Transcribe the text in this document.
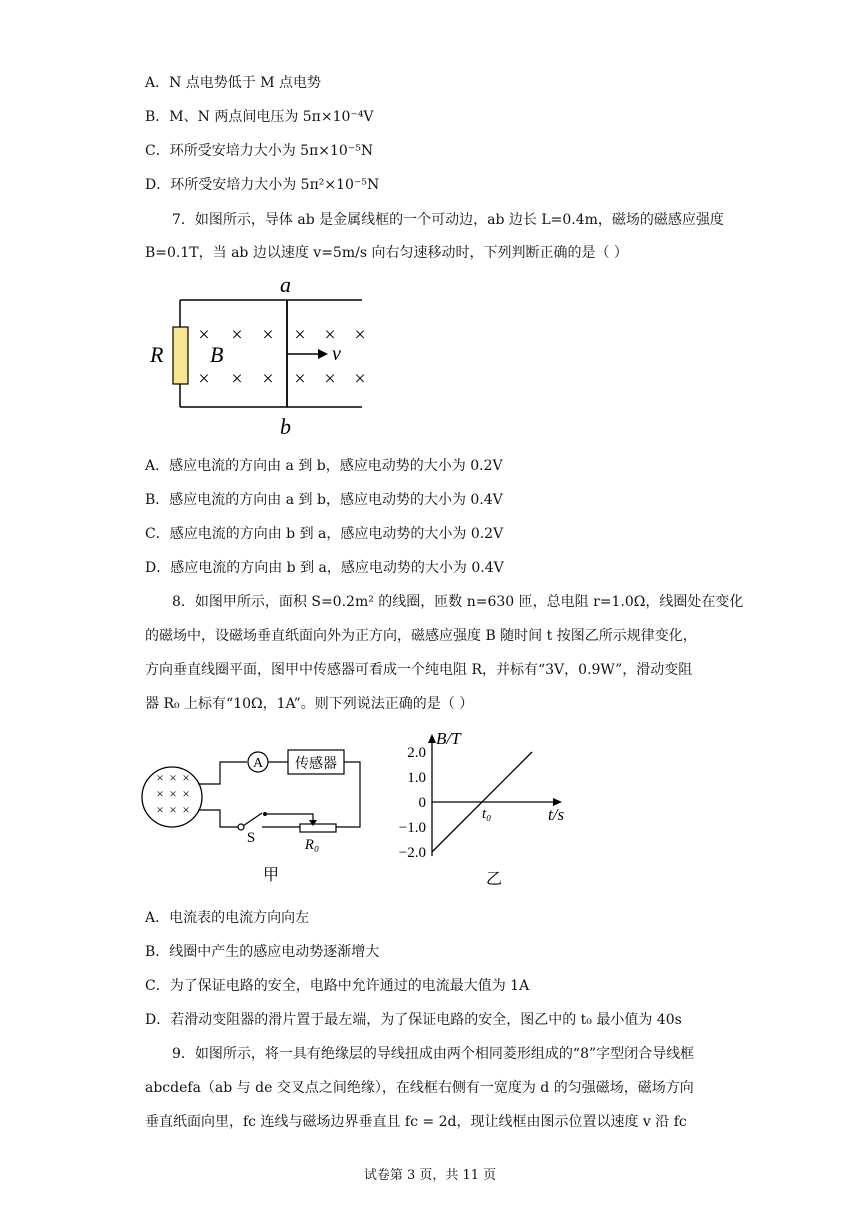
A．N 点电势低于 M 点电势
B．M、N 两点间电压为 5π×10⁻⁴V
C．环所受安培力大小为 5π×10⁻⁵N
D．环所受安培力大小为 5π²×10⁻⁵N
7．如图所示，导体 ab 是金属线框的一个可动边，ab 边长 L=0.4m，磁场的磁感应强度
B=0.1T，当 ab 边以速度 v=5m/s 向右匀速移动时，下列判断正确的是（ ）
× × × × × ×
× × × × × ×
v
a
b
R B
A．感应电流的方向由 a 到 b，感应电动势的大小为 0.2V
B．感应电流的方向由 a 到 b，感应电动势的大小为 0.4V
C．感应电流的方向由 b 到 a，感应电动势的大小为 0.2V
D．感应电流的方向由 b 到 a，感应电动势的大小为 0.4V
8．如图甲所示，面积 S=0.2m² 的线圈，匝数 n=630 匝，总电阻 r=1.0Ω，线圈处在变化
的磁场中，设磁场垂直纸面向外为正方向，磁感应强度 B 随时间 t 按图乙所示规律变化，
方向垂直线圈平面，图甲中传感器可看成一个纯电阻 R，并标有“3V，0.9W”，滑动变阻
器 R₀ 上标有“10Ω，1A”。则下列说法正确的是（ ）
× × ×
× × ×
× × ×
A 传感器
S	R₀
甲
B/T
t/s
t₀
2.0
1.0
0
−1.0
−2.0
乙
A．电流表的电流方向向左
B．线圈中产生的感应电动势逐渐增大
C．为了保证电路的安全，电路中允许通过的电流最大值为 1A
D．若滑动变阻器的滑片置于最左端，为了保证电路的安全，图乙中的 t₀ 最小值为 40s
9．如图所示，将一具有绝缘层的导线扭成由两个相同菱形组成的“8”字型闭合导线框
abcdefa（ab 与 de 交叉点之间绝缘），在线框右侧有一宽度为 d 的匀强磁场，磁场方向
垂直纸面向里，fc 连线与磁场边界垂直且 fc = 2d，现让线框由图示位置以速度 v 沿 fc
试卷第 3 页，共 11 页
